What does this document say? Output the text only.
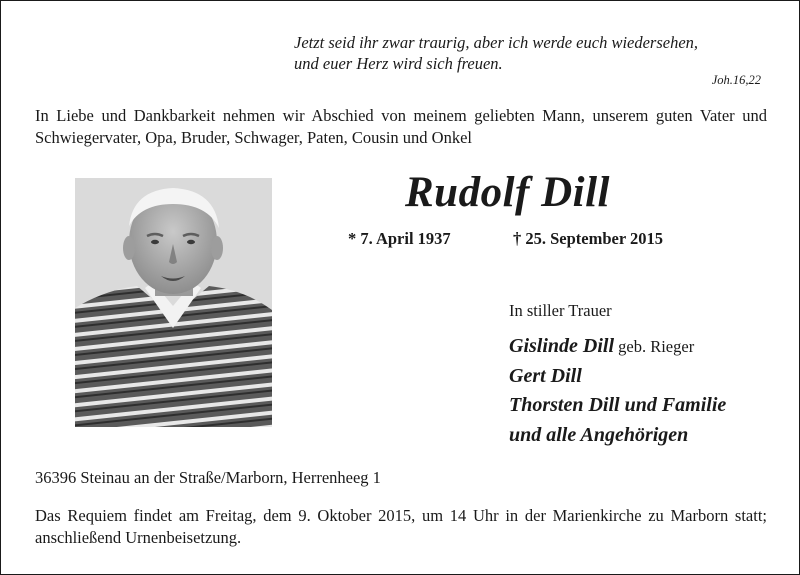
Jetzt seid ihr zwar traurig, aber ich werde euch wiedersehen,
und euer Herz wird sich freuen.
Joh.16,22
In Liebe und Dankbarkeit nehmen wir Abschied von meinem geliebten Mann, unserem guten Vater und Schwiegervater, Opa, Bruder, Schwager, Paten, Cousin und Onkel
Rudolf Dill
* 7. April 1937	† 25. September 2015
In stiller Trauer
Gislinde Dill geb. Rieger
Gert Dill
Thorsten Dill und Familie
und alle Angehörigen
36396 Steinau an der Straße/Marborn, Herrenheeg 1
Das Requiem findet am Freitag, dem 9. Oktober 2015, um 14 Uhr in der Marienkirche zu Marborn statt; anschließend Urnenbeisetzung.
